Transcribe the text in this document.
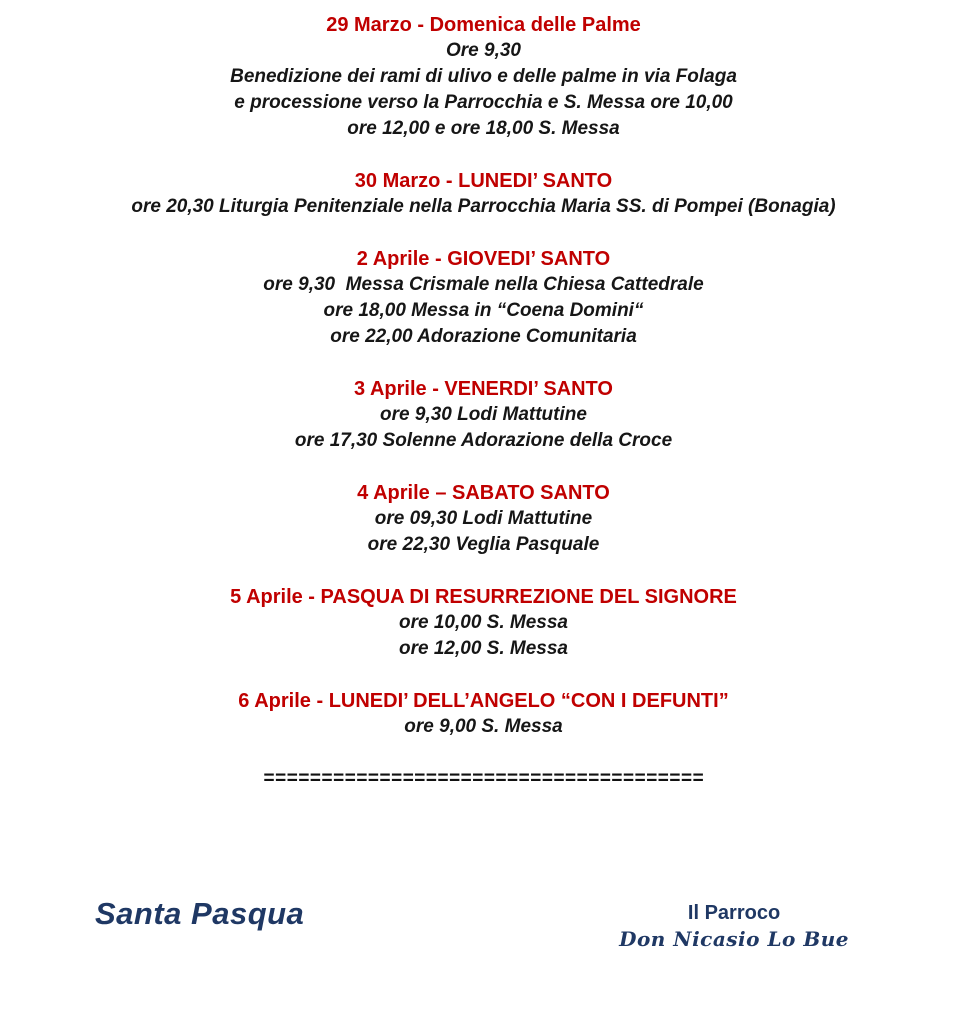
29 Marzo - Domenica delle Palme

Ore 9,30

Benedizione dei rami di ulivo e delle palme in via Folaga

e processione verso la Parrocchia e S. Messa ore 10,00

ore 12,00 e ore 18,00 S. Messa

30 Marzo - LUNEDI’ SANTO

ore 20,30 Liturgia Penitenziale nella Parrocchia Maria SS. di Pompei (Bonagia)

2 Aprile - GIOVEDI’ SANTO

ore 9,30  Messa Crismale nella Chiesa Cattedrale

ore 18,00 Messa in “Coena Domini“

ore 22,00 Adorazione Comunitaria

3 Aprile - VENERDI’ SANTO

ore 9,30 Lodi Mattutine

ore 17,30 Solenne Adorazione della Croce

4 Aprile – SABATO SANTO

ore 09,30 Lodi Mattutine

ore 22,30 Veglia Pasquale

5 Aprile - PASQUA DI RESURREZIONE DEL SIGNORE

ore 10,00 S. Messa

ore 12,00 S. Messa

6 Aprile - LUNEDI’ DELL’ANGELO “CON I DEFUNTI”

ore 9,00 S. Messa

======================================

Santa Pasqua	Il Parroco
Don Nicasio Lo Bue
